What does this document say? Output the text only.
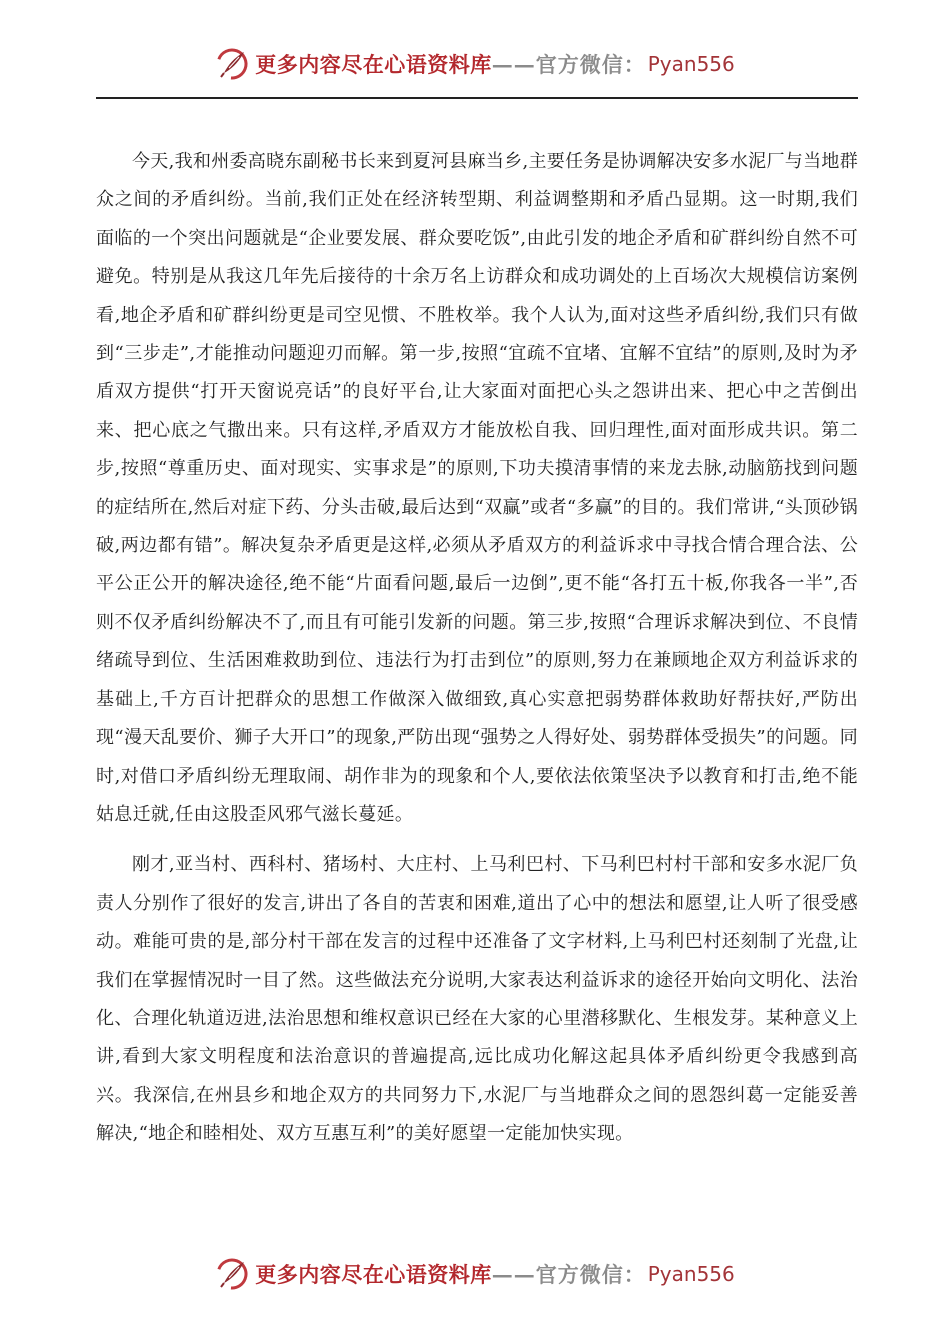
更多内容尽在心语资料库 —— 官方微信： Pyan556

今天,我和州委高晓东副秘书长来到夏河县麻当乡,主要任务是协调解决安多水泥厂与当地群众之间的矛盾纠纷。当前,我们正处在经济转型期、利益调整期和矛盾凸显期。这一时期,我们面临的一个突出问题就是“企业要发展、群众要吃饭”,由此引发的地企矛盾和矿群纠纷自然不可避免。特别是从我这几年先后接待的十余万名上访群众和成功调处的上百场次大规模信访案例看,地企矛盾和矿群纠纷更是司空见惯、不胜枚举。我个人认为,面对这些矛盾纠纷,我们只有做到“三步走”,才能推动问题迎刃而解。第一步,按照“宜疏不宜堵、宜解不宜结”的原则,及时为矛盾双方提供“打开天窗说亮话”的良好平台,让大家面对面把心头之怨讲出来、把心中之苦倒出来、把心底之气撒出来。只有这样,矛盾双方才能放松自我、回归理性,面对面形成共识。第二步,按照“尊重历史、面对现实、实事求是”的原则,下功夫摸清事情的来龙去脉,动脑筋找到问题的症结所在,然后对症下药、分头击破,最后达到“双赢”或者“多赢”的目的。我们常讲,“头顶砂锅破,两边都有错”。解决复杂矛盾更是这样,必须从矛盾双方的利益诉求中寻找合情合理合法、公平公正公开的解决途径,绝不能“片面看问题,最后一边倒”,更不能“各打五十板,你我各一半”,否则不仅矛盾纠纷解决不了,而且有可能引发新的问题。第三步,按照“合理诉求解决到位、不良情绪疏导到位、生活困难救助到位、违法行为打击到位”的原则,努力在兼顾地企双方利益诉求的基础上,千方百计把群众的思想工作做深入做细致,真心实意把弱势群体救助好帮扶好,严防出现“漫天乱要价、狮子大开口”的现象,严防出现“强势之人得好处、弱势群体受损失”的问题。同时,对借口矛盾纠纷无理取闹、胡作非为的现象和个人,要依法依策坚决予以教育和打击,绝不能姑息迁就,任由这股歪风邪气滋长蔓延。

刚才,亚当村、西科村、猪场村、大庄村、上马利巴村、下马利巴村村干部和安多水泥厂负责人分别作了很好的发言,讲出了各自的苦衷和困难,道出了心中的想法和愿望,让人听了很受感动。难能可贵的是,部分村干部在发言的过程中还准备了文字材料,上马利巴村还刻制了光盘,让我们在掌握情况时一目了然。这些做法充分说明,大家表达利益诉求的途径开始向文明化、法治化、合理化轨道迈进,法治思想和维权意识已经在大家的心里潜移默化、生根发芽。某种意义上讲,看到大家文明程度和法治意识的普遍提高,远比成功化解这起具体矛盾纠纷更令我感到高兴。我深信,在州县乡和地企双方的共同努力下,水泥厂与当地群众之间的恩怨纠葛一定能妥善解决,“地企和睦相处、双方互惠互利”的美好愿望一定能加快实现。

更多内容尽在心语资料库 —— 官方微信： Pyan556
